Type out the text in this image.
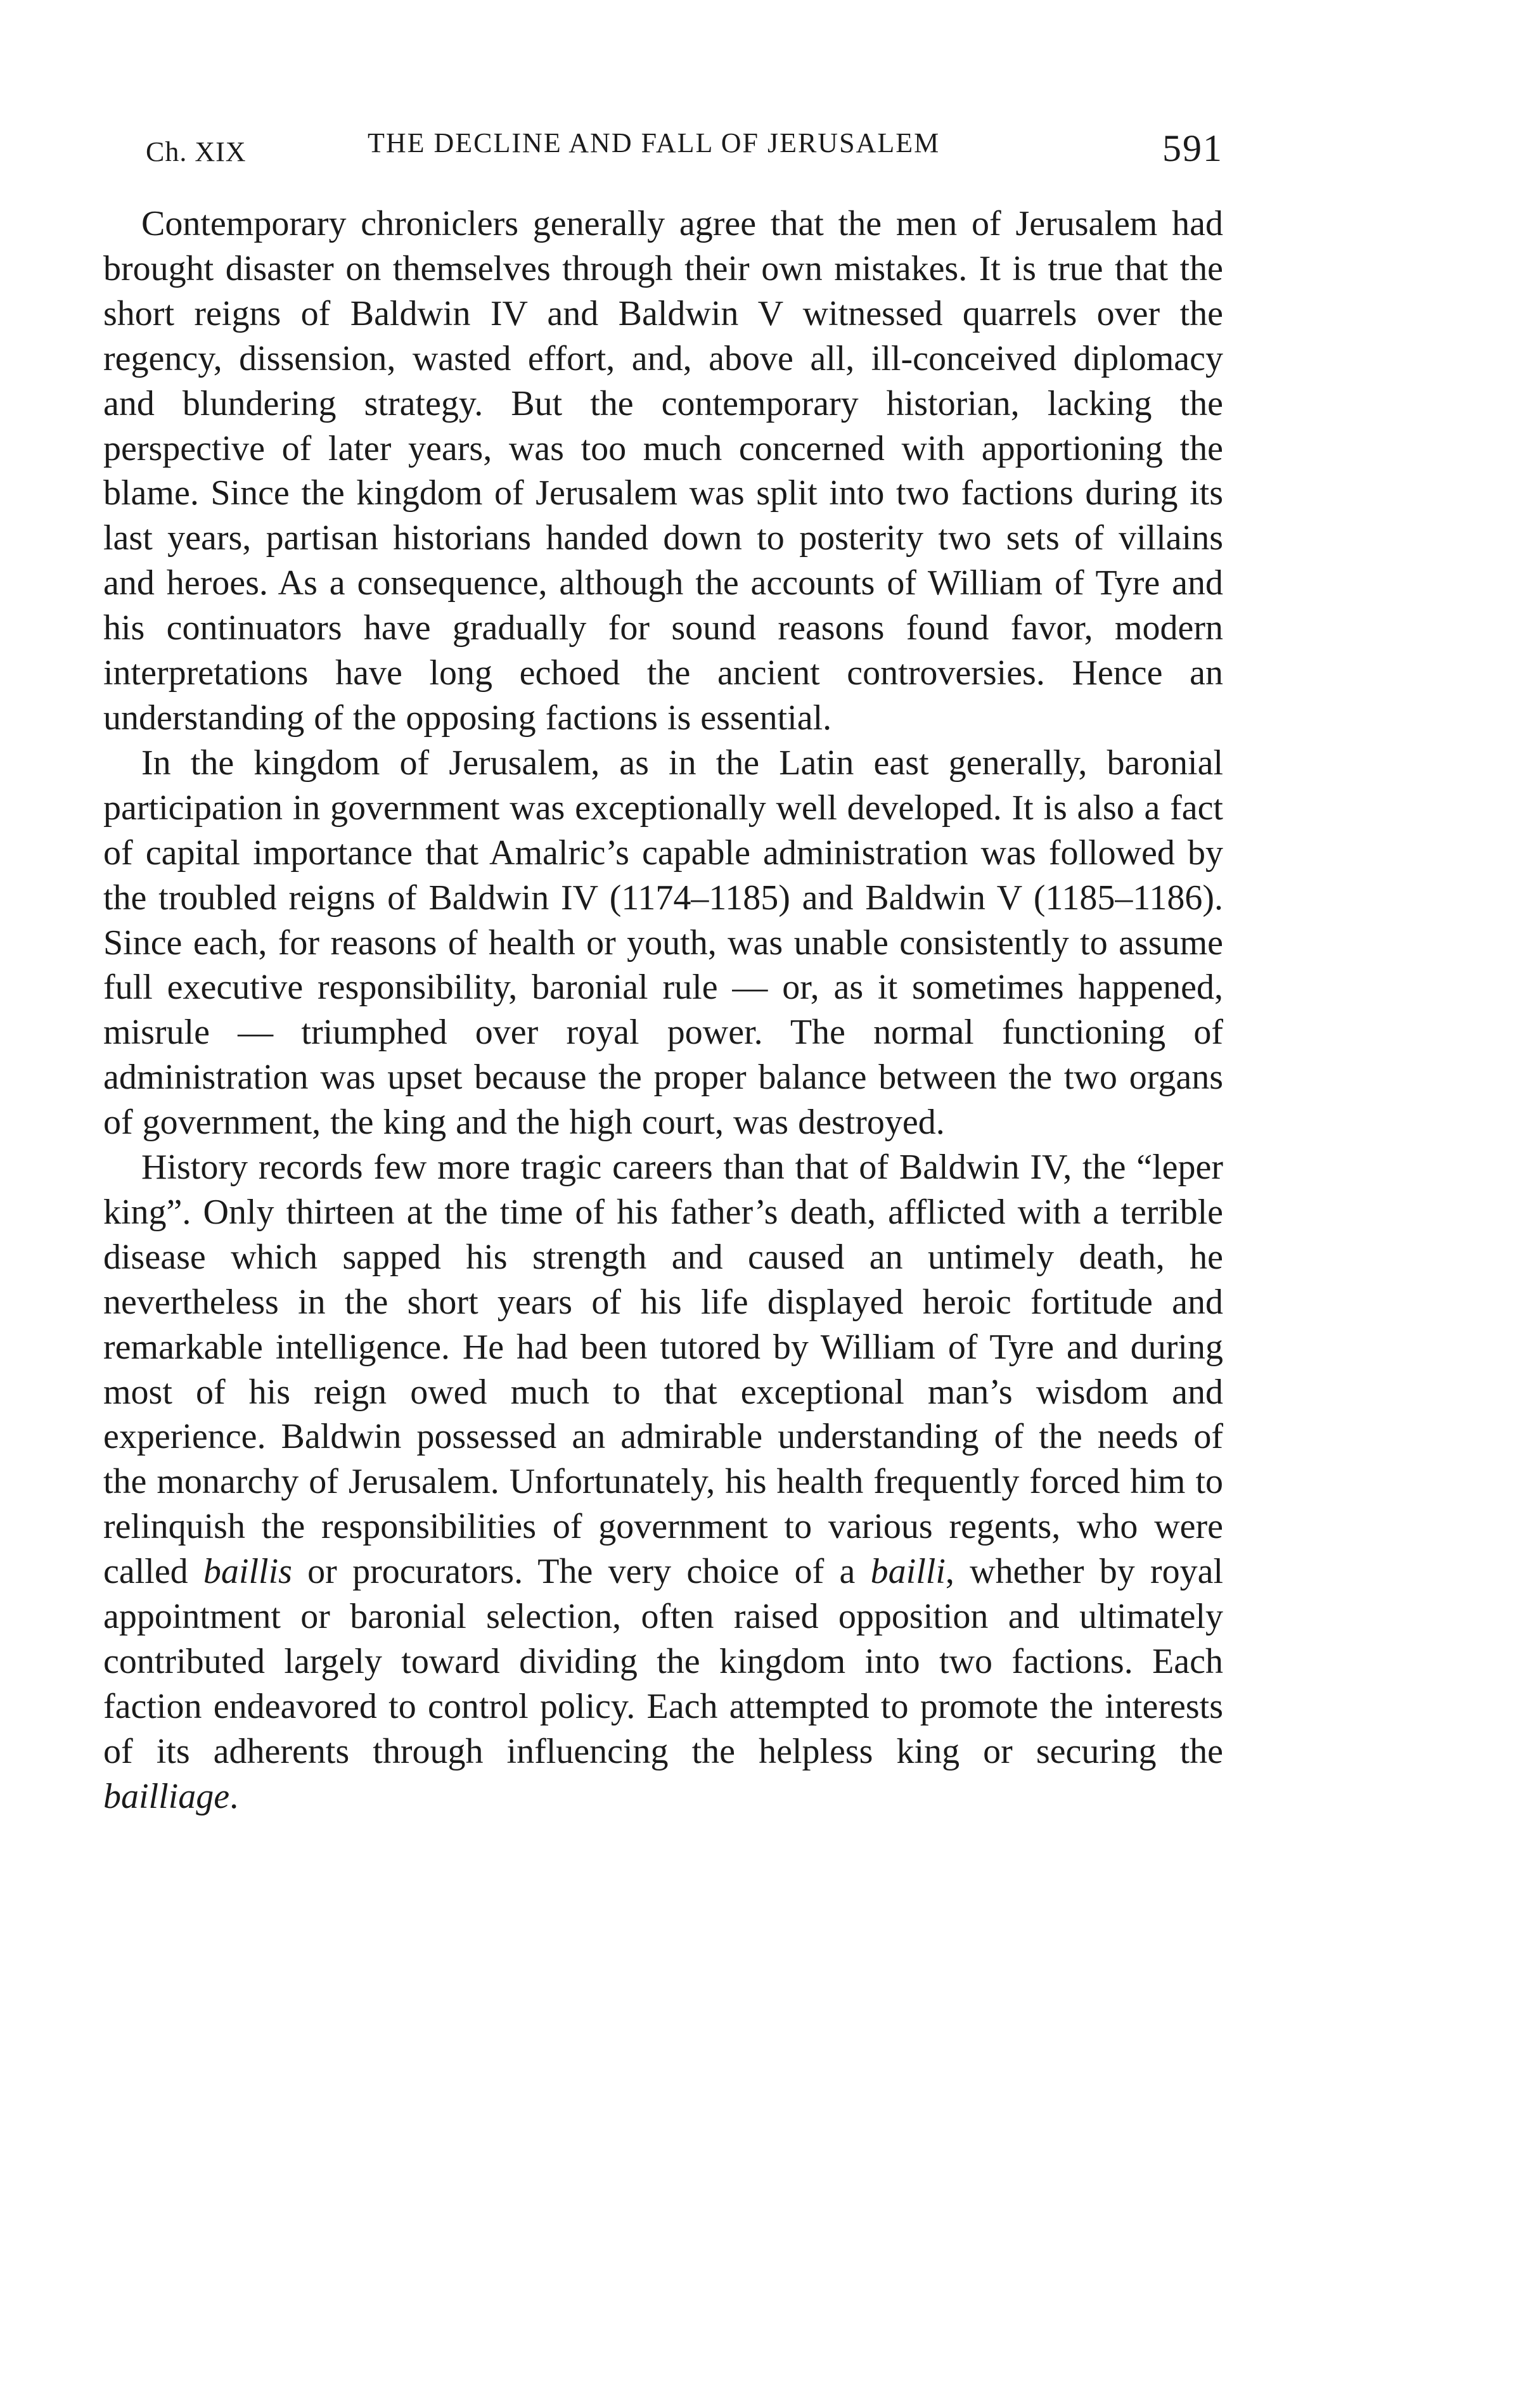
Ch. XIX	THE DECLINE AND FALL OF JERUSALEM	591

Contemporary chroniclers generally agree that the men of Jerusalem had brought disaster on themselves through their own mistakes. It is true that the short reigns of Baldwin IV and Baldwin V witnessed quarrels over the regency, dissension, wasted effort, and, above all, ill-conceived diplomacy and blundering strategy. But the contemporary historian, lacking the perspective of later years, was too much concerned with apportioning the blame. Since the kingdom of Jerusalem was split into two factions during its last years, partisan historians handed down to posterity two sets of villains and heroes. As a consequence, although the accounts of William of Tyre and his continuators have gradually for sound reasons found favor, modern interpretations have long echoed the ancient controversies. Hence an understanding of the opposing factions is essential.

In the kingdom of Jerusalem, as in the Latin east generally, baronial participation in government was exceptionally well developed. It is also a fact of capital importance that Amalric’s capable administration was followed by the troubled reigns of Baldwin IV (1174–1185) and Baldwin V (1185–1186). Since each, for reasons of health or youth, was unable consistently to assume full executive responsibility, baronial rule — or, as it sometimes happened, misrule — triumphed over royal power. The normal functioning of administration was upset because the proper balance between the two organs of government, the king and the high court, was destroyed.

History records few more tragic careers than that of Baldwin IV, the “leper king”. Only thirteen at the time of his father’s death, afflicted with a terrible disease which sapped his strength and caused an untimely death, he nevertheless in the short years of his life displayed heroic fortitude and remarkable intelligence. He had been tutored by William of Tyre and during most of his reign owed much to that exceptional man’s wisdom and experience. Baldwin possessed an admirable understanding of the needs of the monarchy of Jerusalem. Unfortunately, his health frequently forced him to relinquish the responsibilities of government to various regents, who were called baillis or procurators. The very choice of a bailli, whether by royal appointment or baronial selection, often raised opposition and ultimately contributed largely toward dividing the kingdom into two factions. Each faction endeavored to control policy. Each attempted to promote the interests of its adherents through influencing the helpless king or securing the bailliage.
